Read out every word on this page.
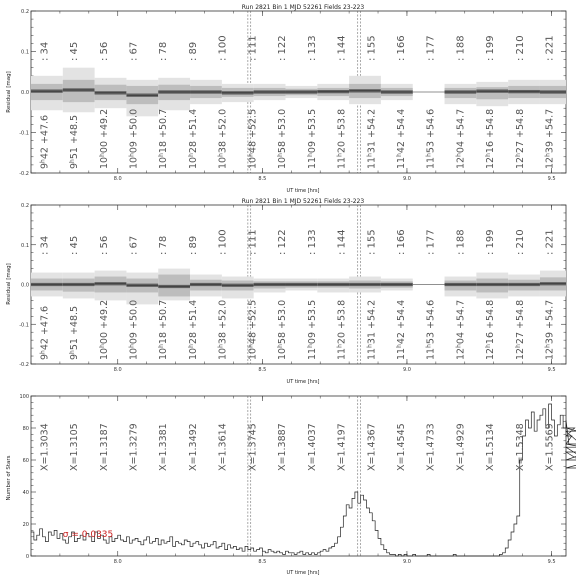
Run 2821 Bin 1 MJD 52261 Fields 23-223
Residual [mag]
UT time [hrs]
-0.2
-0.1
0.0
0.1
0.2
8.0	8.5	9.0	9.5
: 34 : 45 : 56 : 67 : 78 : 89 : 100 : 111 : 122 : 133 : 144 : 155 : 166 : 177 : 188 : 199 : 210 : 221
$9^h42 +47.6$
$9^h51 +48.5$
$10^h00 +49.2$
$10^h09 +50.0$
$10^h18 +50.7$
$10^h28 +51.4$
$10^h38 +52.0$
$10^h48 +52.5$
$10^h58 +53.0$
$11^h09 +53.5$
$11^h20 +53.8$
$11^h31 +54.2$
$11^h42 +54.4$
$11^h53 +54.6$
$12^h04 +54.7$
$12^h16 +54.8$
$12^h27 +54.8$
$12^h39 +54.7$
Run 2821 Bin 1 MJD 52261 Fields 23-223
Residual [mag]
UT time [hrs]
-0.2
-0.1
0.0
0.1
0.2
8.0	8.5	9.0	9.5
: 34 : 45 : 56 : 67 : 78 : 89 : 100 : 111 : 122 : 133 : 144 : 155 : 166 : 177 : 188 : 199 : 210 : 221
$9^h42 +47.6$
$9^h51 +48.5$
$10^h00 +49.2$
$10^h09 +50.0$
$10^h18 +50.7$
$10^h28 +51.4$
$10^h38 +52.0$
$10^h48 +52.5$
$10^h58 +53.0$
$11^h09 +53.5$
$11^h20 +53.8$
$11^h31 +54.2$
$11^h42 +54.4$
$11^h53 +54.6$
$12^h04 +54.7$
$12^h16 +54.8$
$12^h27 +54.8$
$12^h39 +54.7$
Number of Stars
UT time [hrs]
0
20
40
60
80
100
8.0	8.5	9.0	9.5
X=1.3034 X=1.3105 X=1.3187 X=1.3279 X=1.3381 X=1.3492 X=1.3614 X=1.3745 X=1.3887 X=1.4037 X=1.4197 X=1.4367 X=1.4545 X=1.4733 X=1.4929 X=1.5134 X=1.5348 X=1.5569
σ = 0.0335
